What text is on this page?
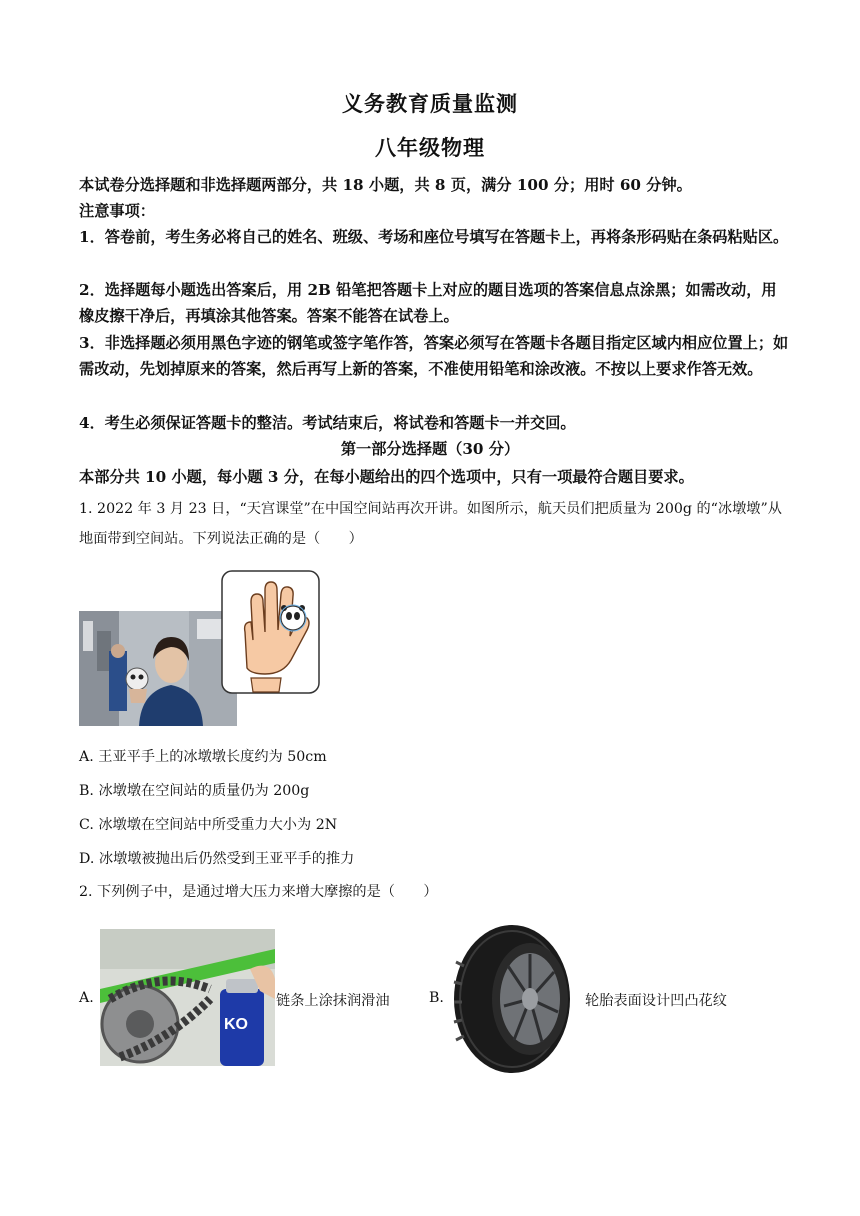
义务教育质量监测
八年级物理
本试卷分选择题和非选择题两部分，共 18 小题，共 8 页，满分 100 分；用时 60 分钟。
注意事项：
1．答卷前，考生务必将自己的姓名、班级、考场和座位号填写在答题卡上，再将条形码贴在条码粘贴区。
2．选择题每小题选出答案后，用 2B 铅笔把答题卡上对应的题目选项的答案信息点涂黑；如需改动，用橡皮擦干净后，再填涂其他答案。答案不能答在试卷上。
3．非选择题必须用黑色字迹的钢笔或签字笔作答，答案必须写在答题卡各题目指定区域内相应位置上；如需改动，先划掉原来的答案，然后再写上新的答案，不准使用铅笔和涂改液。不按以上要求作答无效。
4．考生必须保证答题卡的整洁。考试结束后，将试卷和答题卡一并交回。
第一部分选择题（30 分）
本部分共 10 小题，每小题 3 分，在每小题给出的四个选项中，只有一项最符合题目要求。
1. 2022 年 3 月 23 日，“天宫课堂”在中国空间站再次开讲。如图所示，航天员们把质量为 200g 的“冰墩墩”从地面带到空间站。下列说法正确的是（　　）
A. 王亚平手上的冰墩墩长度约为 50cm
B. 冰墩墩在空间站的质量仍为 200g
C. 冰墩墩在空间站中所受重力大小为 2N
D. 冰墩墩被抛出后仍然受到王亚平手的推力
2. 下列例子中，是通过增大压力来增大摩擦的是（　　）
A.
KO
链条上涂抹润滑油	B.	轮胎表面设计凹凸花纹
